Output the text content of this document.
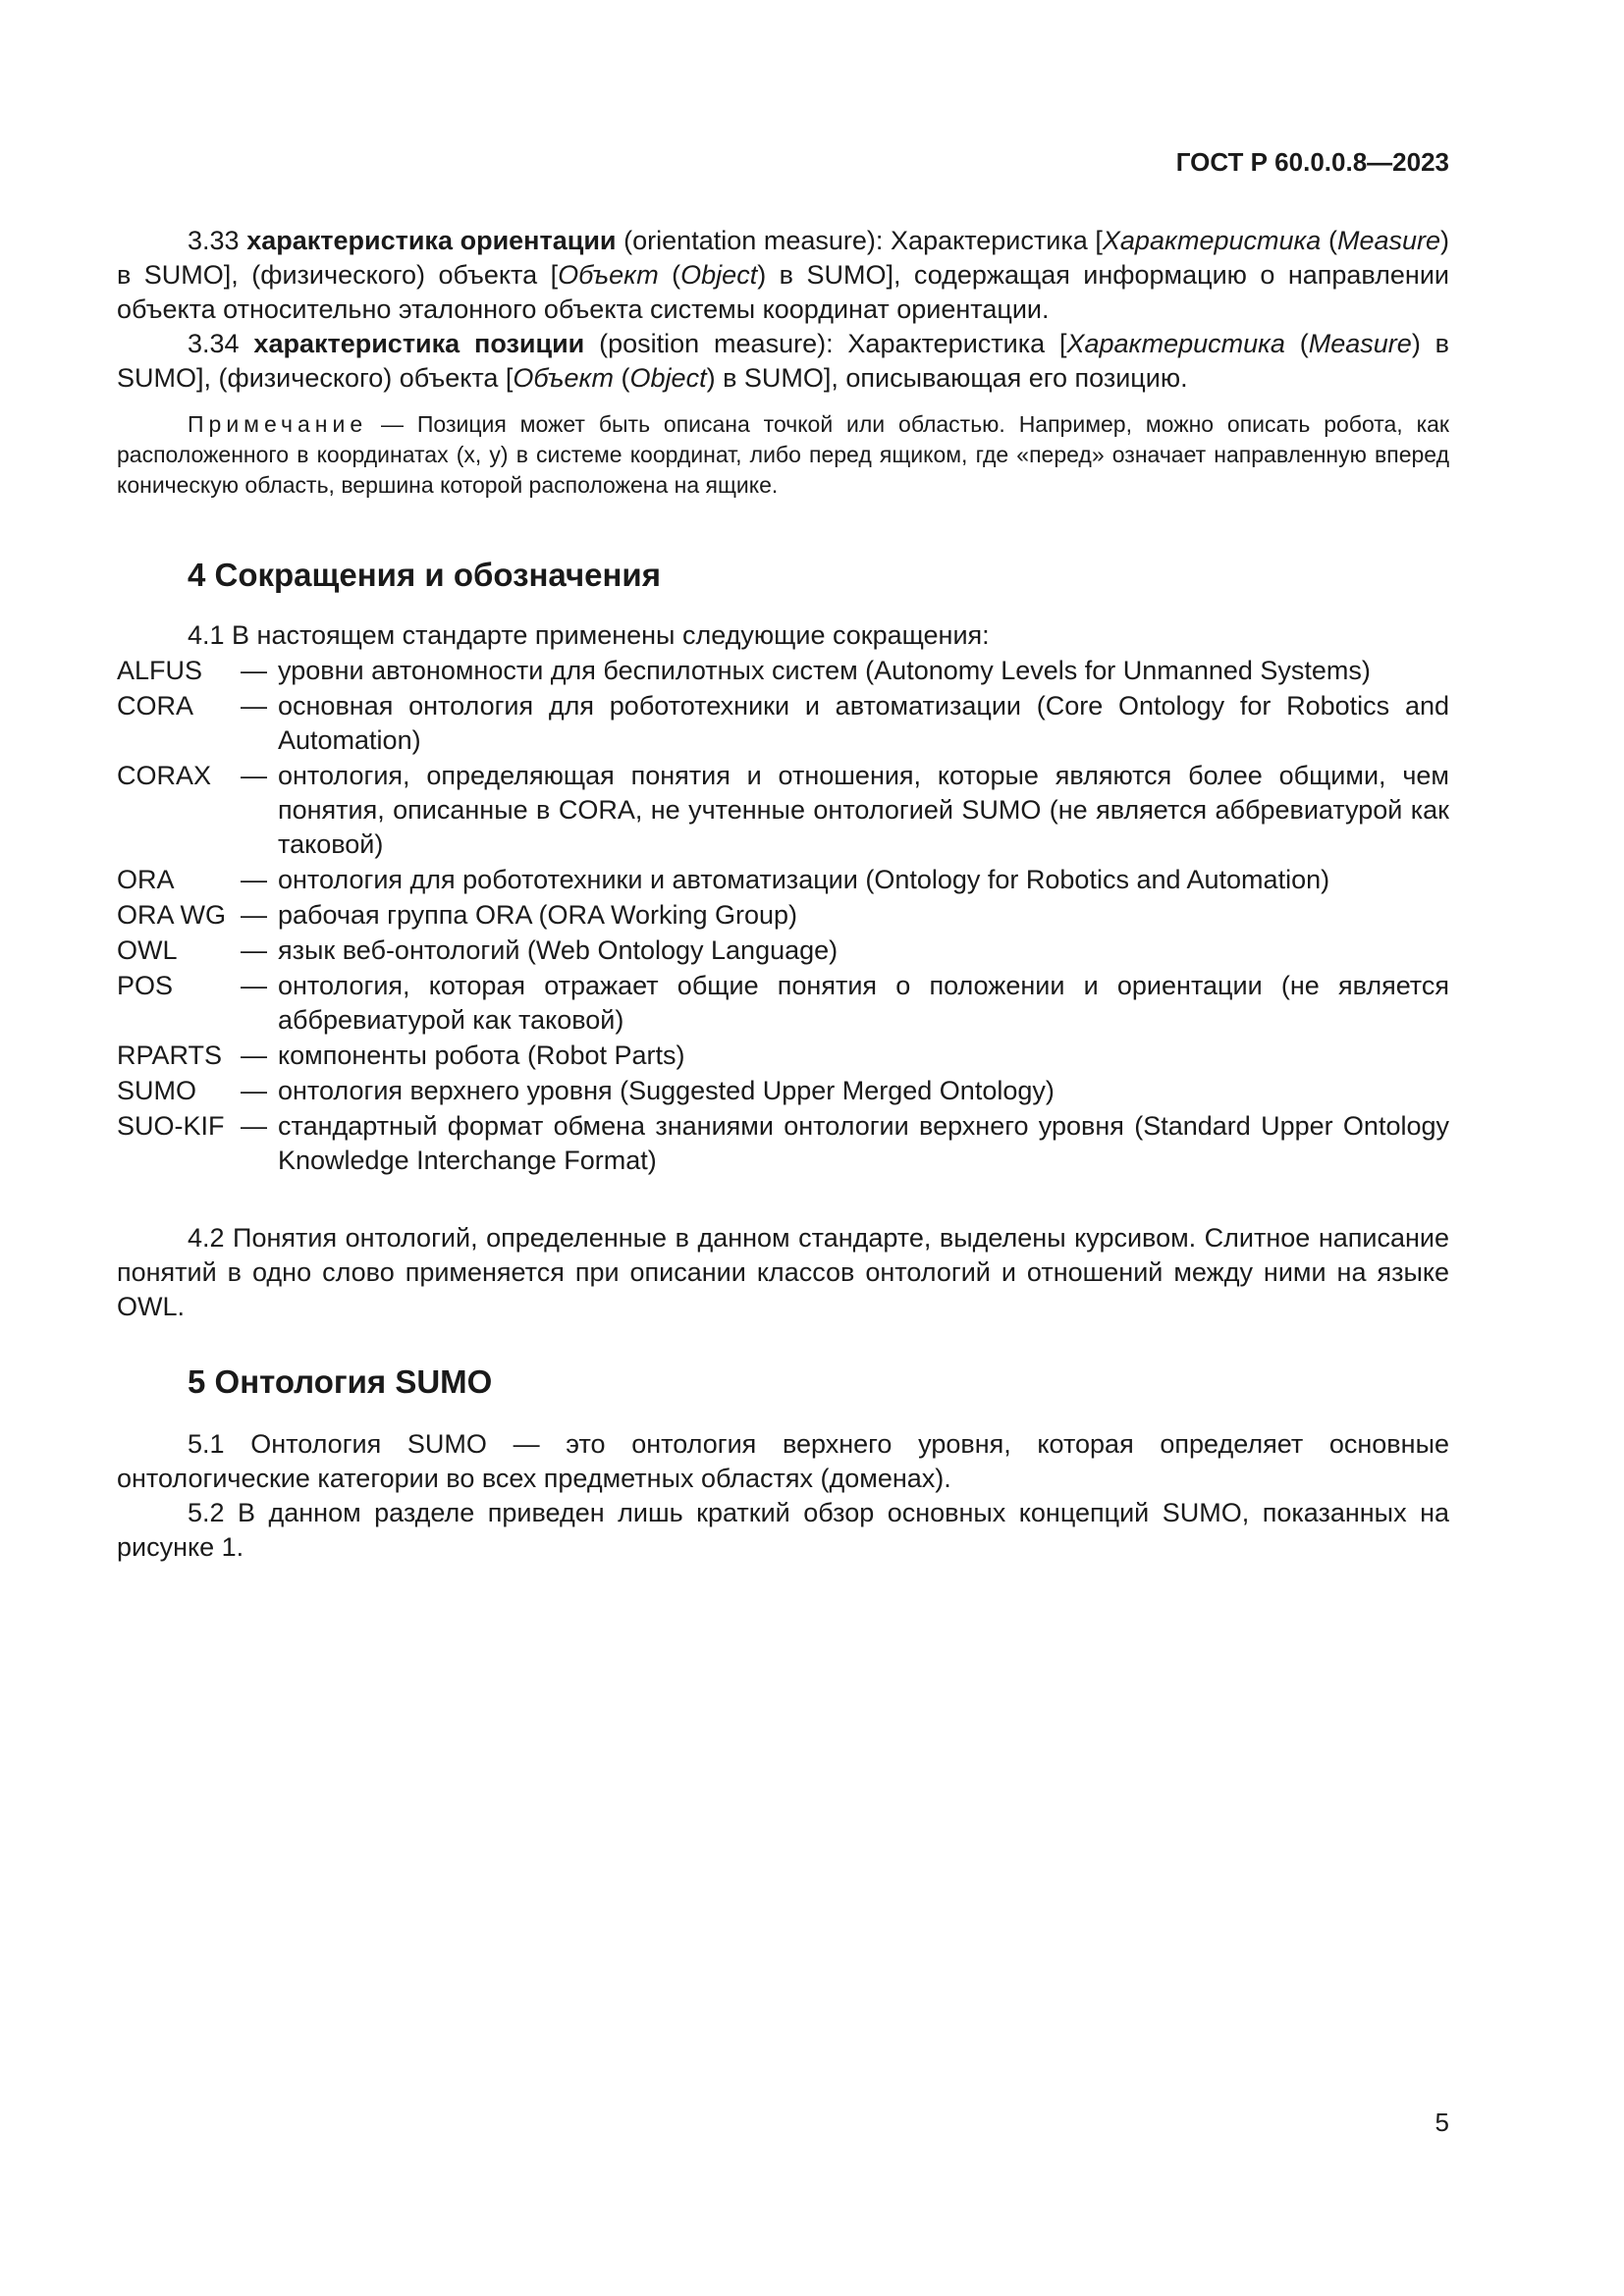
ГОСТ Р 60.0.0.8—2023

3.33 характеристика ориентации (orientation measure): Характеристика [Характеристика (Measure) в SUMO], (физического) объекта [Объект (Object) в SUMO], содержащая информацию о направлении объекта относительно эталонного объекта системы координат ориентации.

3.34 характеристика позиции (position measure): Характеристика [Характеристика (Measure) в SUMO], (физического) объекта [Объект (Object) в SUMO], описывающая его позицию.

Примечание — Позиция может быть описана точкой или областью. Например, можно описать робота, как расположенного в координатах (x, y) в системе координат, либо перед ящиком, где «перед» означает направленную вперед коническую область, вершина которой расположена на ящике.

4 Сокращения и обозначения

4.1 В настоящем стандарте применены следующие сокращения:

ALFUS	—	уровни автономности для беспилотных систем (Autonomy Levels for Unmanned Systems)
CORA	—	основная онтология для робототехники и автоматизации (Core Ontology for Robotics and Automation)
CORAX	—	онтология, определяющая понятия и отношения, которые являются более общими, чем понятия, описанные в CORA, не учтенные онтологией SUMO (не является аббревиатурой как таковой)
ORA	—	онтология для робототехники и автоматизации (Ontology for Robotics and Automation)
ORA WG	—	рабочая группа ORA (ORA Working Group)
OWL	—	язык веб-онтологий (Web Ontology Language)
POS	—	онтология, которая отражает общие понятия о положении и ориентации (не является аббревиатурой как таковой)
RPARTS	—	компоненты робота (Robot Parts)
SUMO	—	онтология верхнего уровня (Suggested Upper Merged Ontology)
SUO-KIF	—	стандартный формат обмена знаниями онтологии верхнего уровня (Standard Upper Ontology Knowledge Interchange Format)

4.2 Понятия онтологий, определенные в данном стандарте, выделены курсивом. Слитное написание понятий в одно слово применяется при описании классов онтологий и отношений между ними на языке OWL.

5 Онтология SUMO

5.1 Онтология SUMO — это онтология верхнего уровня, которая определяет основные онтологические категории во всех предметных областях (доменах).

5.2 В данном разделе приведен лишь краткий обзор основных концепций SUMO, показанных на рисунке 1.

5
